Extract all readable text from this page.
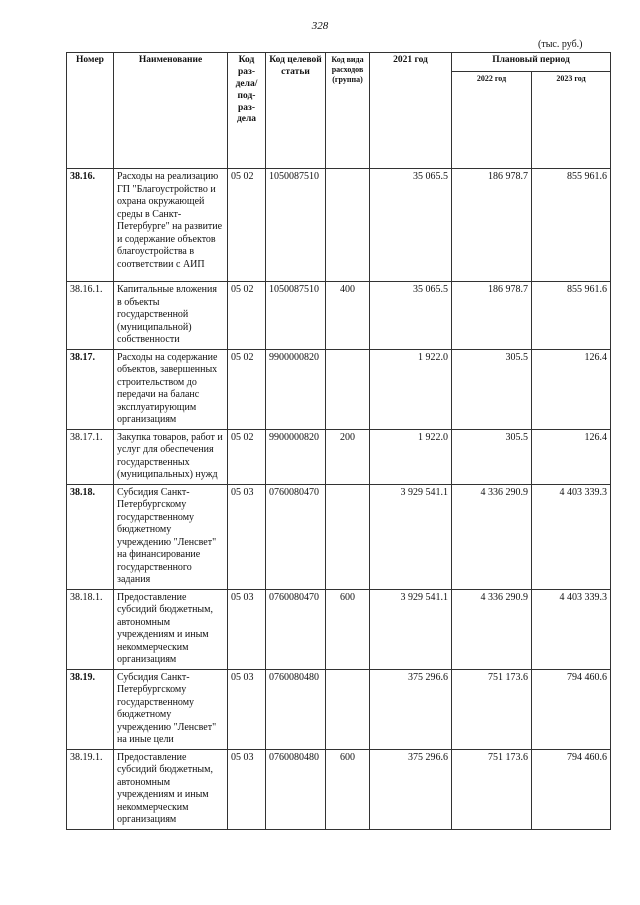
328
(тыс. руб.)
Номер	Наименование	Код раз-дела/ под-раз-дела	Код целевой статьи	Код вида расходов (группа)	2021 год	Плановый период	
						2022 год	2023 год
38.16.	Расходы на реализацию ГП "Благоустройство и охрана окружающей среды в Санкт-Петербурге" на развитие и содержание объектов благоустройства в соответствии с АИП	05 02	1050087510		35 065.5	186 978.7	855 961.6
38.16.1.	Капитальные вложения в объекты государственной (муниципальной) собственности	05 02	1050087510	400	35 065.5	186 978.7	855 961.6
38.17.	Расходы на содержание объектов, завершенных строительством до передачи на баланс эксплуатирующим организациям	05 02	9900000820		1 922.0	305.5	126.4
38.17.1.	Закупка товаров, работ и услуг для обеспечения государственных (муниципальных) нужд	05 02	9900000820	200	1 922.0	305.5	126.4
38.18.	Субсидия Санкт-Петербургскому государственному бюджетному учреждению "Ленсвет" на финансирование государственного задания	05 03	0760080470		3 929 541.1	4 336 290.9	4 403 339.3
38.18.1.	Предоставление субсидий бюджетным, автономным учреждениям и иным некоммерческим организациям	05 03	0760080470	600	3 929 541.1	4 336 290.9	4 403 339.3
38.19.	Субсидия Санкт-Петербургскому государственному бюджетному учреждению "Ленсвет" на иные цели	05 03	0760080480		375 296.6	751 173.6	794 460.6
38.19.1.	Предоставление субсидий бюджетным, автономным учреждениям и иным некоммерческим организациям	05 03	0760080480	600	375 296.6	751 173.6	794 460.6
